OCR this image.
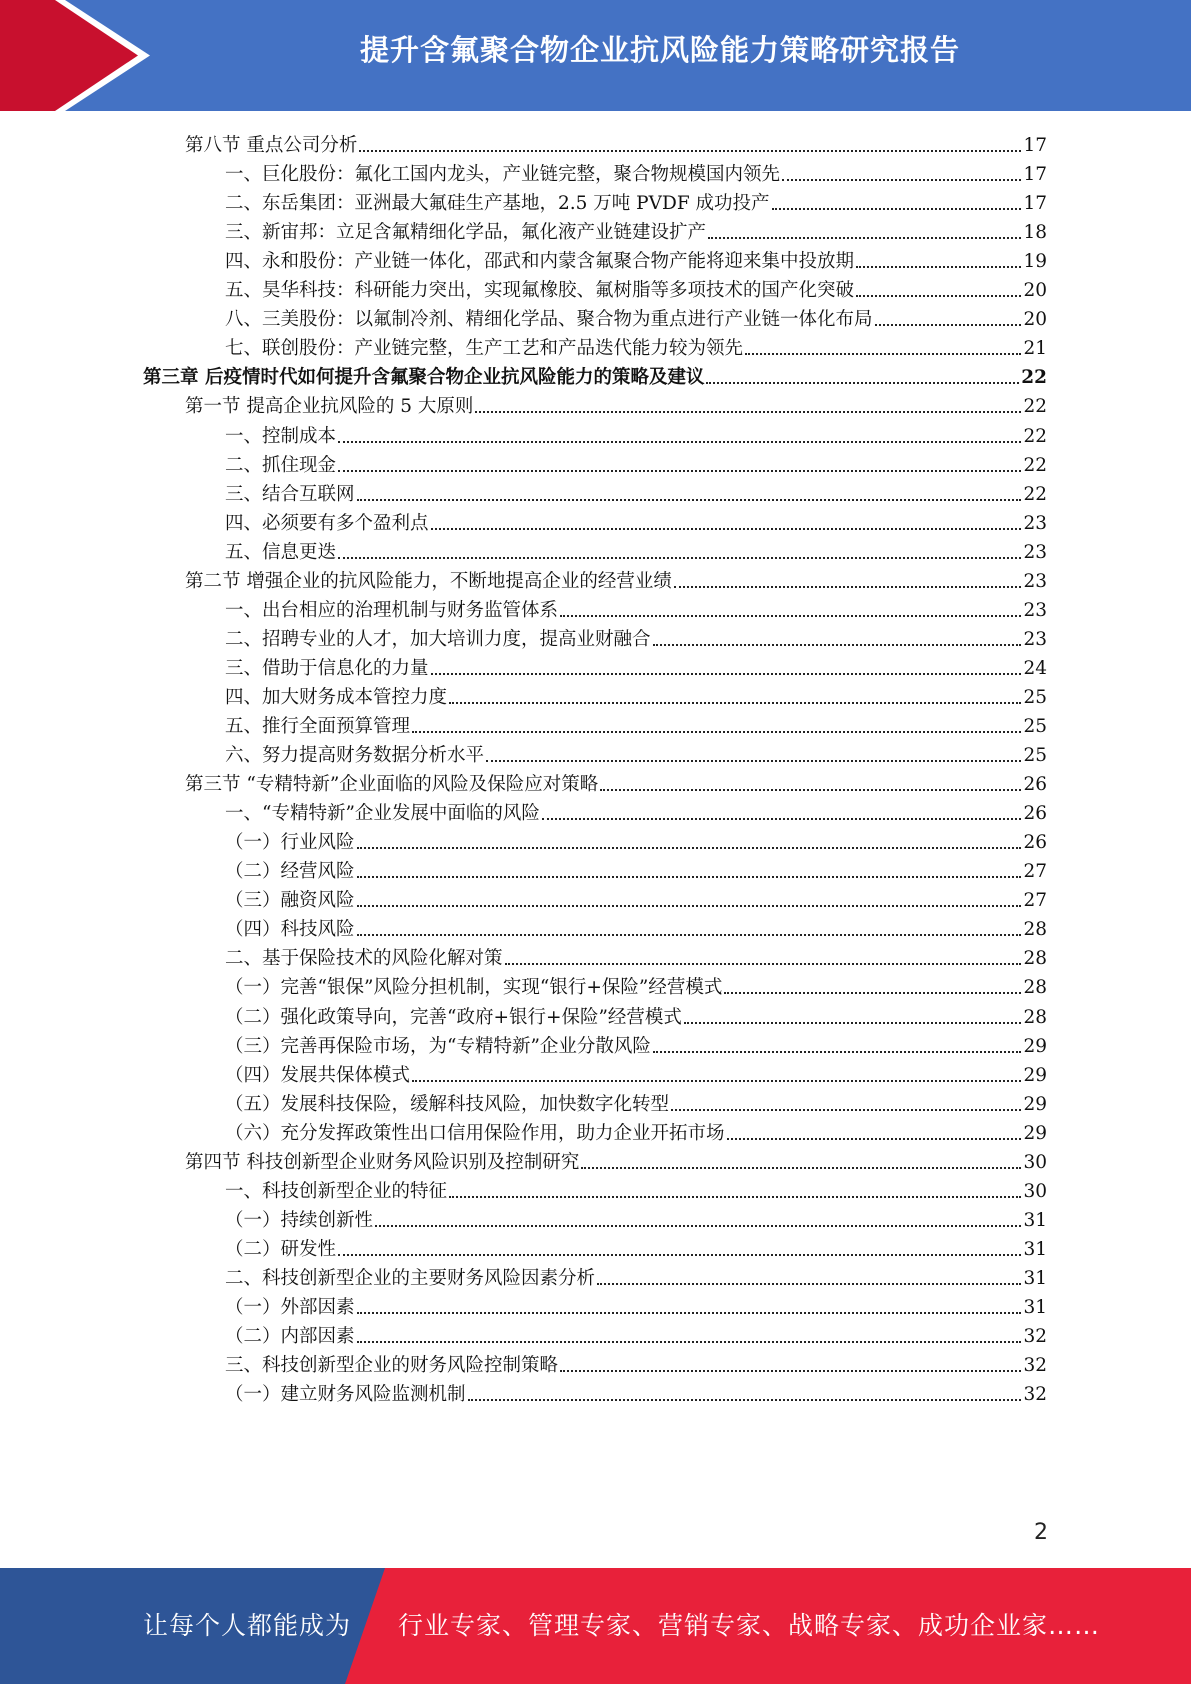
提升含氟聚合物企业抗风险能力策略研究报告
第八节 重点公司分析	17
一、巨化股份：氟化工国内龙头，产业链完整，聚合物规模国内领先	17
二、东岳集团：亚洲最大氟硅生产基地，2.5 万吨 PVDF 成功投产	17
三、新宙邦：立足含氟精细化学品，氟化液产业链建设扩产	18
四、永和股份：产业链一体化，邵武和内蒙含氟聚合物产能将迎来集中投放期	19
五、昊华科技：科研能力突出，实现氟橡胶、氟树脂等多项技术的国产化突破	20
八、三美股份：以氟制冷剂、精细化学品、聚合物为重点进行产业链一体化布局	20
七、联创股份：产业链完整，生产工艺和产品迭代能力较为领先	21
第三章 后疫情时代如何提升含氟聚合物企业抗风险能力的策略及建议	22
第一节 提高企业抗风险的 5 大原则	22
一、控制成本	22
二、抓住现金	22
三、结合互联网	22
四、必须要有多个盈利点	23
五、信息更迭	23
第二节 增强企业的抗风险能力，不断地提高企业的经营业绩	23
一、出台相应的治理机制与财务监管体系	23
二、招聘专业的人才，加大培训力度，提高业财融合	23
三、借助于信息化的力量	24
四、加大财务成本管控力度	25
五、推行全面预算管理	25
六、努力提高财务数据分析水平	25
第三节 “专精特新”企业面临的风险及保险应对策略	26
一、“专精特新”企业发展中面临的风险	26
（一）行业风险	26
（二）经营风险	27
（三）融资风险	27
（四）科技风险	28
二、基于保险技术的风险化解对策	28
（一）完善“银保”风险分担机制，实现“银行+保险”经营模式	28
（二）强化政策导向，完善“政府+银行+保险”经营模式	28
（三）完善再保险市场，为“专精特新”企业分散风险	29
（四）发展共保体模式	29
（五）发展科技保险，缓解科技风险，加快数字化转型	29
（六）充分发挥政策性出口信用保险作用，助力企业开拓市场	29
第四节 科技创新型企业财务风险识别及控制研究	30
一、科技创新型企业的特征	30
（一）持续创新性	31
（二）研发性	31
二、科技创新型企业的主要财务风险因素分析	31
（一）外部因素	31
（二）内部因素	32
三、科技创新型企业的财务风险控制策略	32
（一）建立财务风险监测机制	32
2
让每个人都能成为 行业专家、管理专家、营销专家、战略专家、成功企业家……
